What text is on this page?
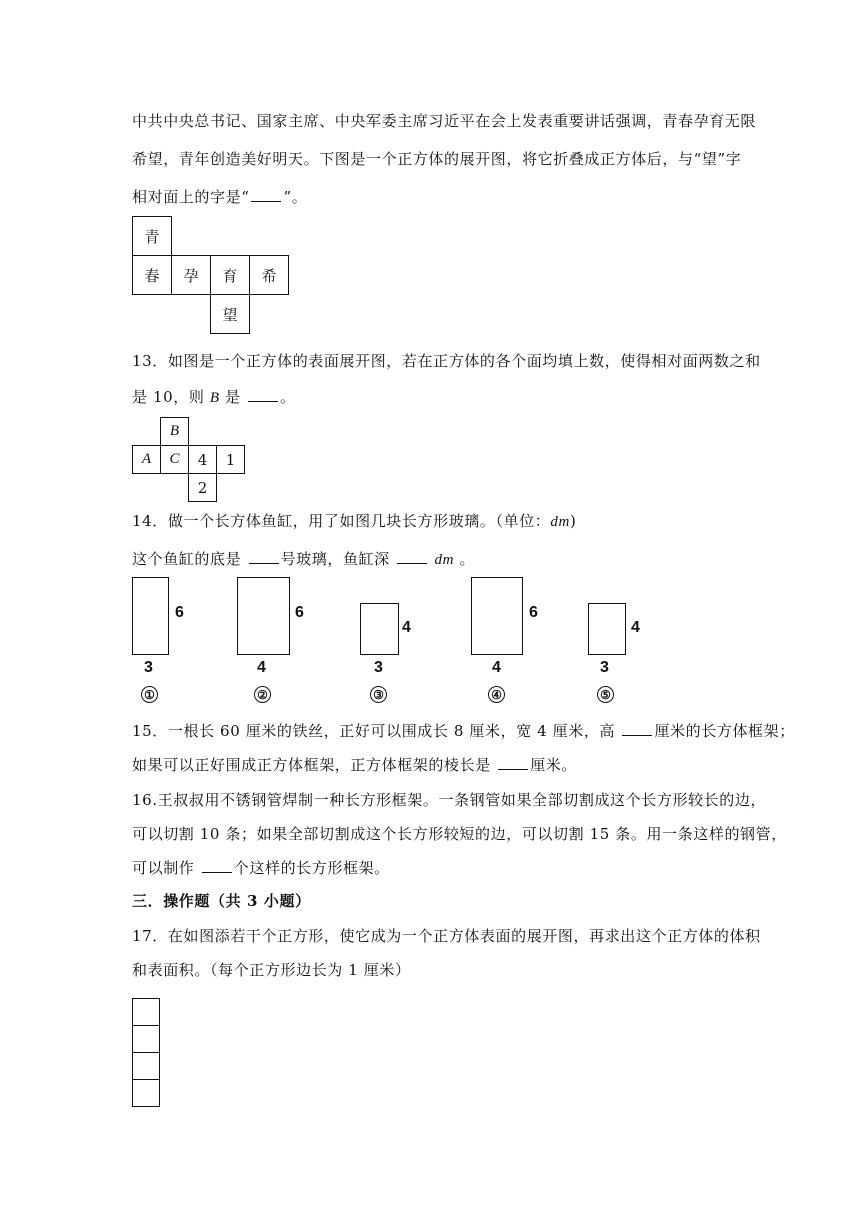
中共中央总书记、国家主席、中央军委主席习近平在会上发表重要讲话强调，青春孕育无限
希望，青年创造美好明天。下图是一个正方体的展开图，将它折叠成正方体后，与“望”字
相对面上的字是“ ”。
青
春	孕	育	希
望
13．如图是一个正方体的表面展开图，若在正方体的各个面均填上数，使得相对面两数之和
是 10，则 B 是	。
B
A	C	4	1
2
14．做一个长方体鱼缸，用了如图几块长方形玻璃。（单位：dm)
这个鱼缸的底是	号玻璃，鱼缸深	dm 。
6
3
①
6
4
②
4
3
③
6
4
④
4
3
⑤
15．一根长 60 厘米的铁丝，正好可以围成长 8 厘米，宽 4 厘米，高	厘米的长方体框架；
如果可以正好围成正方体框架，正方体框架的棱长是	厘米。
16.王叔叔用不锈钢管焊制一种长方形框架。一条钢管如果全部切割成这个长方形较长的边，
可以切割 10 条；如果全部切割成这个长方形较短的边，可以切割 15 条。用一条这样的钢管，
可以制作	个这样的长方形框架。
三．操作题（共 3 小题）
17．在如图添若干个正方形，使它成为一个正方体表面的展开图，再求出这个正方体的体积
和表面积。（每个正方形边长为 1 厘米）
